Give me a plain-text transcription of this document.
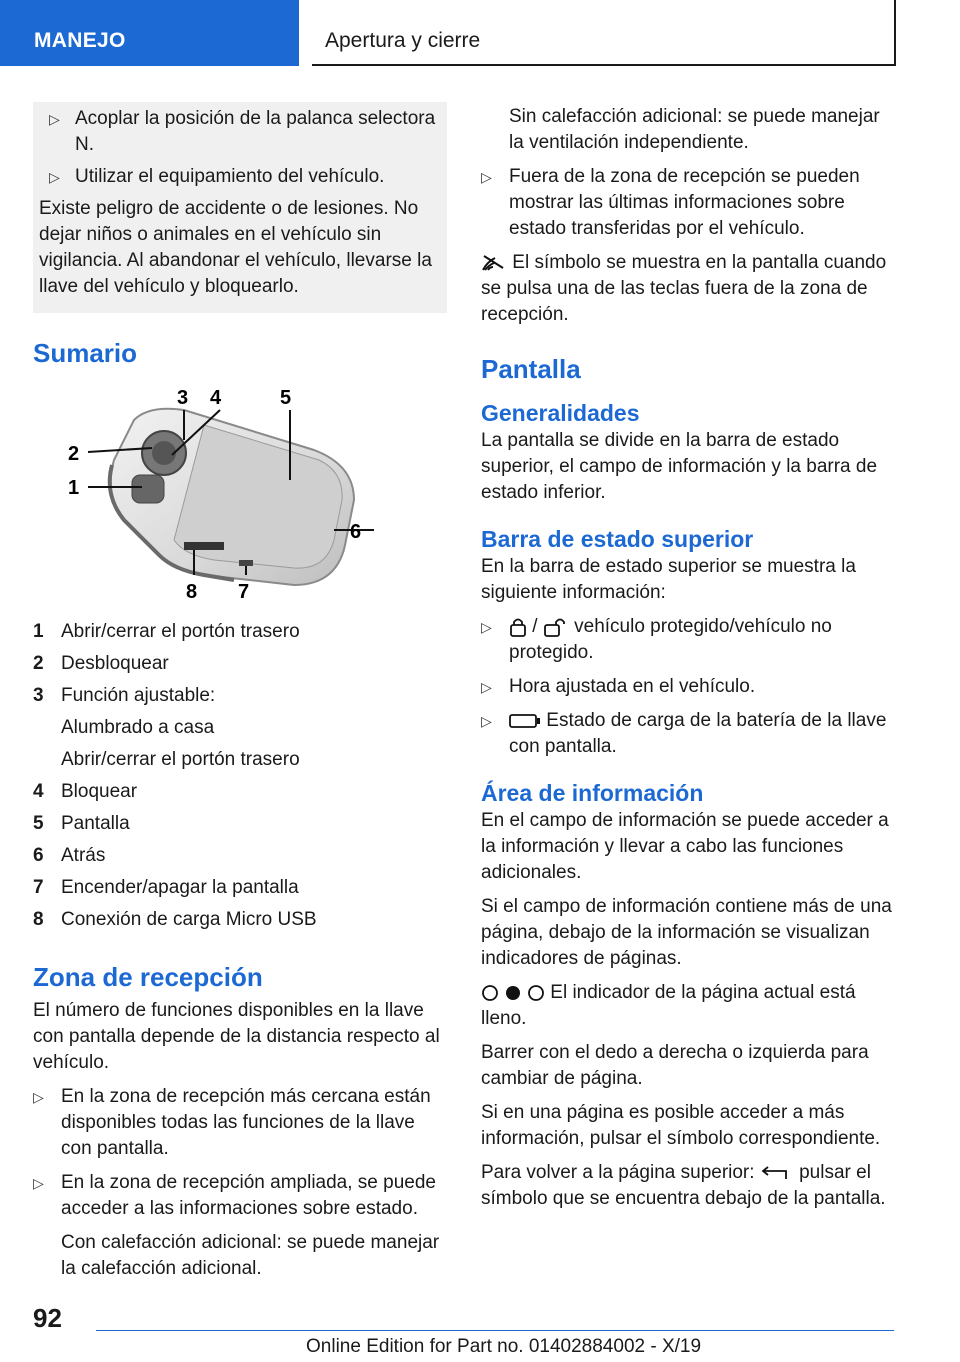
MANEJO	Apertura y cierre

▷ Acoplar la posición de la palanca selectora N.

▷ Utilizar el equipamiento del vehículo.

Existe peligro de accidente o de lesiones. No dejar niños o animales en el vehículo sin vigilancia. Al abandonar el vehículo, llevarse la llave del vehículo y bloquearlo.

Sumario

3 4	5
2
1
6
8 7

1 Abrir/cerrar el portón trasero

2 Desbloquear

3 Función ajustable:

Alumbrado a casa

Abrir/cerrar el portón trasero

4 Bloquear

5 Pantalla

6 Atrás

7 Encender/apagar la pantalla

8 Conexión de carga Micro USB

Zona de recepción

El número de funciones disponibles en la llave con pantalla depende de la distancia respecto al vehículo.

▷ En la zona de recepción más cercana están disponibles todas las funciones de la llave con pantalla.

▷ En la zona de recepción ampliada, se puede acceder a las informaciones sobre estado.

Con calefacción adicional: se puede manejar la calefacción adicional.

Sin calefacción adicional: se puede manejar la ventilación independiente.

▷ Fuera de la zona de recepción se pueden mostrar las últimas informaciones sobre estado transferidas por el vehículo.

El símbolo se muestra en la pantalla cuando se pulsa una de las teclas fuera de la zona de recepción.

Pantalla

Generalidades

La pantalla se divide en la barra de estado superior, el campo de información y la barra de estado inferior.

Barra de estado superior

En la barra de estado superior se muestra la siguiente información:

▷ / vehículo protegido/vehículo no protegido.

▷ Hora ajustada en el vehículo.

▷	Estado de carga de la batería de la llave con pantalla.

Área de información

En el campo de información se puede acceder a la información y llevar a cabo las funciones adicionales.

Si el campo de información contiene más de una página, debajo de la información se visualizan indicadores de páginas.

El indicador de la página actual está lleno.

Barrer con el dedo a derecha o izquierda para cambiar de página.

Si en una página es posible acceder a más información, pulsar el símbolo correspondiente.

Para volver a la página superior: pulsar el símbolo que se encuentra debajo de la pantalla.

92
Online Edition for Part no. 01402884002 - X/19
